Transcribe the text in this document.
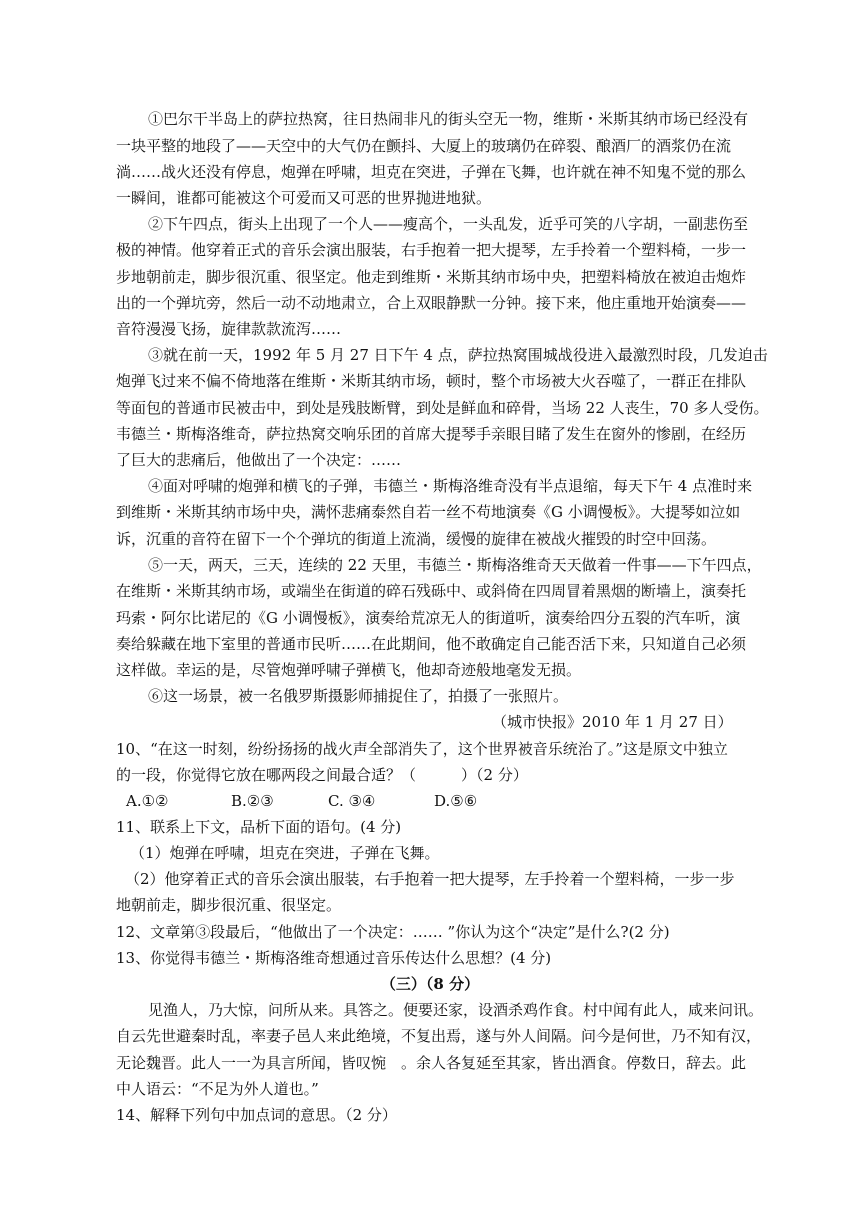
①巴尔干半岛上的萨拉热窝，往日热闹非凡的街头空无一物，维斯・米斯其纳市场已经没有
一块平整的地段了——天空中的大气仍在颤抖、大厦上的玻璃仍在碎裂、酿酒厂的酒浆仍在流
淌……战火还没有停息，炮弹在呼啸，坦克在突进，子弹在飞舞，也许就在神不知鬼不觉的那么
一瞬间，谁都可能被这个可爱而又可恶的世界抛进地狱。
②下午四点，街头上出现了一个人——瘦高个，一头乱发，近乎可笑的八字胡，一副悲伤至
极的神情。他穿着正式的音乐会演出服装，右手抱着一把大提琴，左手拎着一个塑料椅，一步一
步地朝前走，脚步很沉重、很坚定。他走到维斯・米斯其纳市场中央，把塑料椅放在被迫击炮炸
出的一个弹坑旁，然后一动不动地肃立，合上双眼静默一分钟。接下来，他庄重地开始演奏——
音符漫漫飞扬，旋律款款流泻……
③就在前一天，1992 年 5 月 27 日下午 4 点，萨拉热窝围城战役进入最激烈时段，几发迫击
炮弹飞过来不偏不倚地落在维斯・米斯其纳市场，顿时，整个市场被大火吞噬了，一群正在排队
等面包的普通市民被击中，到处是残肢断臂，到处是鲜血和碎骨，当场 22 人丧生，70 多人受伤。
韦德兰・斯梅洛维奇，萨拉热窝交响乐团的首席大提琴手亲眼目睹了发生在窗外的惨剧，在经历
了巨大的悲痛后，他做出了一个决定：……
④面对呼啸的炮弹和横飞的子弹，韦德兰・斯梅洛维奇没有半点退缩，每天下午 4 点准时来
到维斯・米斯其纳市场中央，满怀悲痛泰然自若一丝不苟地演奏《G 小调慢板》。大提琴如泣如
诉，沉重的音符在留下一个个弹坑的街道上流淌，缓慢的旋律在被战火摧毁的时空中回荡。
⑤一天，两天，三天，连续的 22 天里，韦德兰・斯梅洛维奇天天做着一件事——下午四点，
在维斯・米斯其纳市场，或端坐在街道的碎石残砾中、或斜倚在四周冒着黑烟的断墙上，演奏托
玛索・阿尔比诺尼的《G 小调慢板》，演奏给荒凉无人的街道听，演奏给四分五裂的汽车听，演
奏给躲藏在地下室里的普通市民听……在此期间，他不敢确定自己能否活下来，只知道自己必须
这样做。幸运的是，尽管炮弹呼啸子弹横飞，他却奇迹般地毫发无损。
⑥这一场景，被一名俄罗斯摄影师捕捉住了，拍摄了一张照片。
（城市快报》2010 年 1 月 27 日）
10、“在这一时刻，纷纷扬扬的战火声全部消失了，这个世界被音乐统治了。”这是原文中独立
的一段，你觉得它放在哪两段之间最合适？（　　　）（2 分）
A.①②	B.②③	C. ③④	D.⑤⑥
11、联系上下文，品析下面的语句。(4 分)
（1）炮弹在呼啸，坦克在突进，子弹在飞舞。
（2）他穿着正式的音乐会演出服装，右手抱着一把大提琴，左手拎着一个塑料椅，一步一步
地朝前走，脚步很沉重、很坚定。
12、文章第③段最后，“他做出了一个决定：…… ”你认为这个“决定”是什么?(2 分)
13、你觉得韦德兰・斯梅洛维奇想通过音乐传达什么思想？(4 分)
（三）（8 分）
见渔人，乃大惊，问所从来。具答之。便要还家，设酒杀鸡作食。村中闻有此人，咸来问讯。
自云先世避秦时乱，率妻子邑人来此绝境，不复出焉，遂与外人间隔。问今是何世，乃不知有汉，
无论魏晋。此人一一为具言所闻，皆叹惋　。余人各复延至其家，皆出酒食。停数日，辞去。此
中人语云：“不足为外人道也。”
14、解释下列句中加点词的意思。（2 分）
